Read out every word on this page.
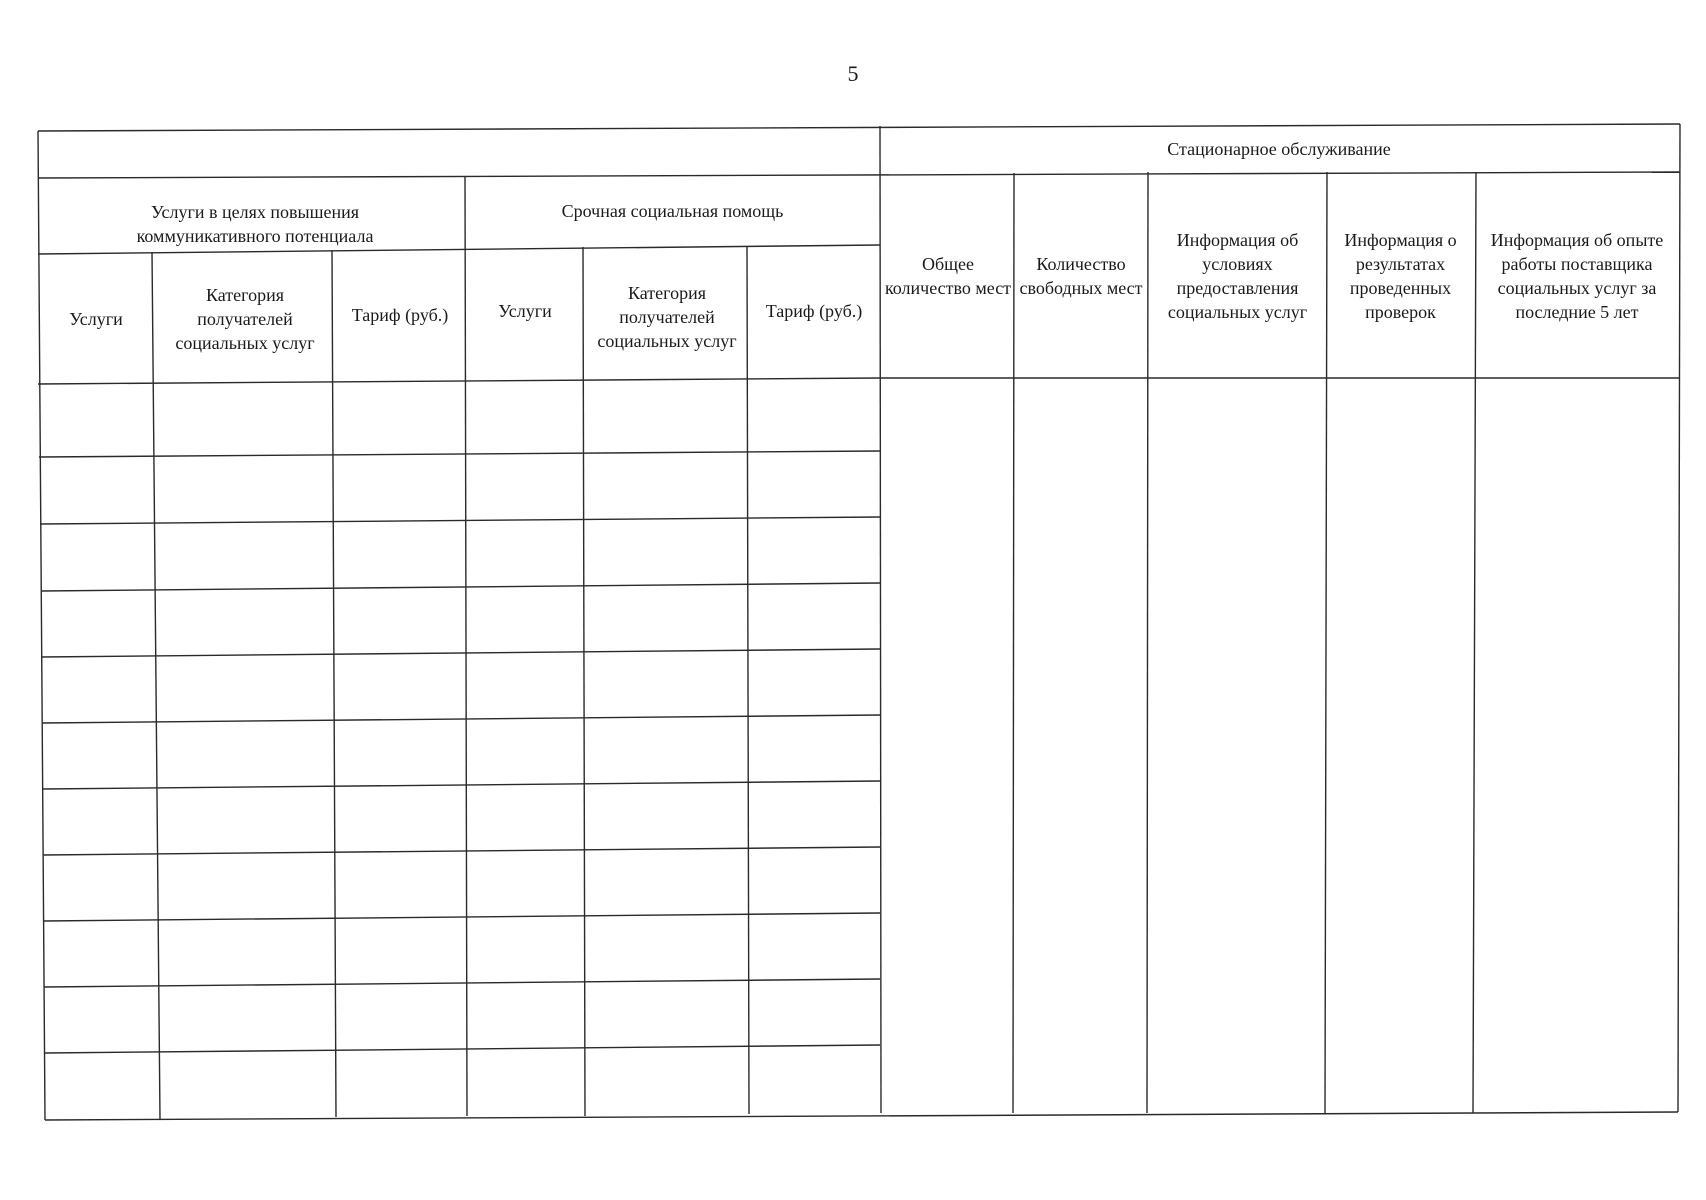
5
Услуги в целях повышения коммуникативного потенциала
Срочная социальная помощь
Стационарное обслуживание
Услуги
Категория получателей социальных услуг
Тариф (руб.)	Услуги
Категория получателей социальных услуг
Тариф (руб.)
Общее количество мест
Количество свободных мест
Информация об условиях предоставления социальных услуг
Информация о результатах проведенных проверок
Информация об опыте работы поставщика социальных услуг за последние 5 лет
